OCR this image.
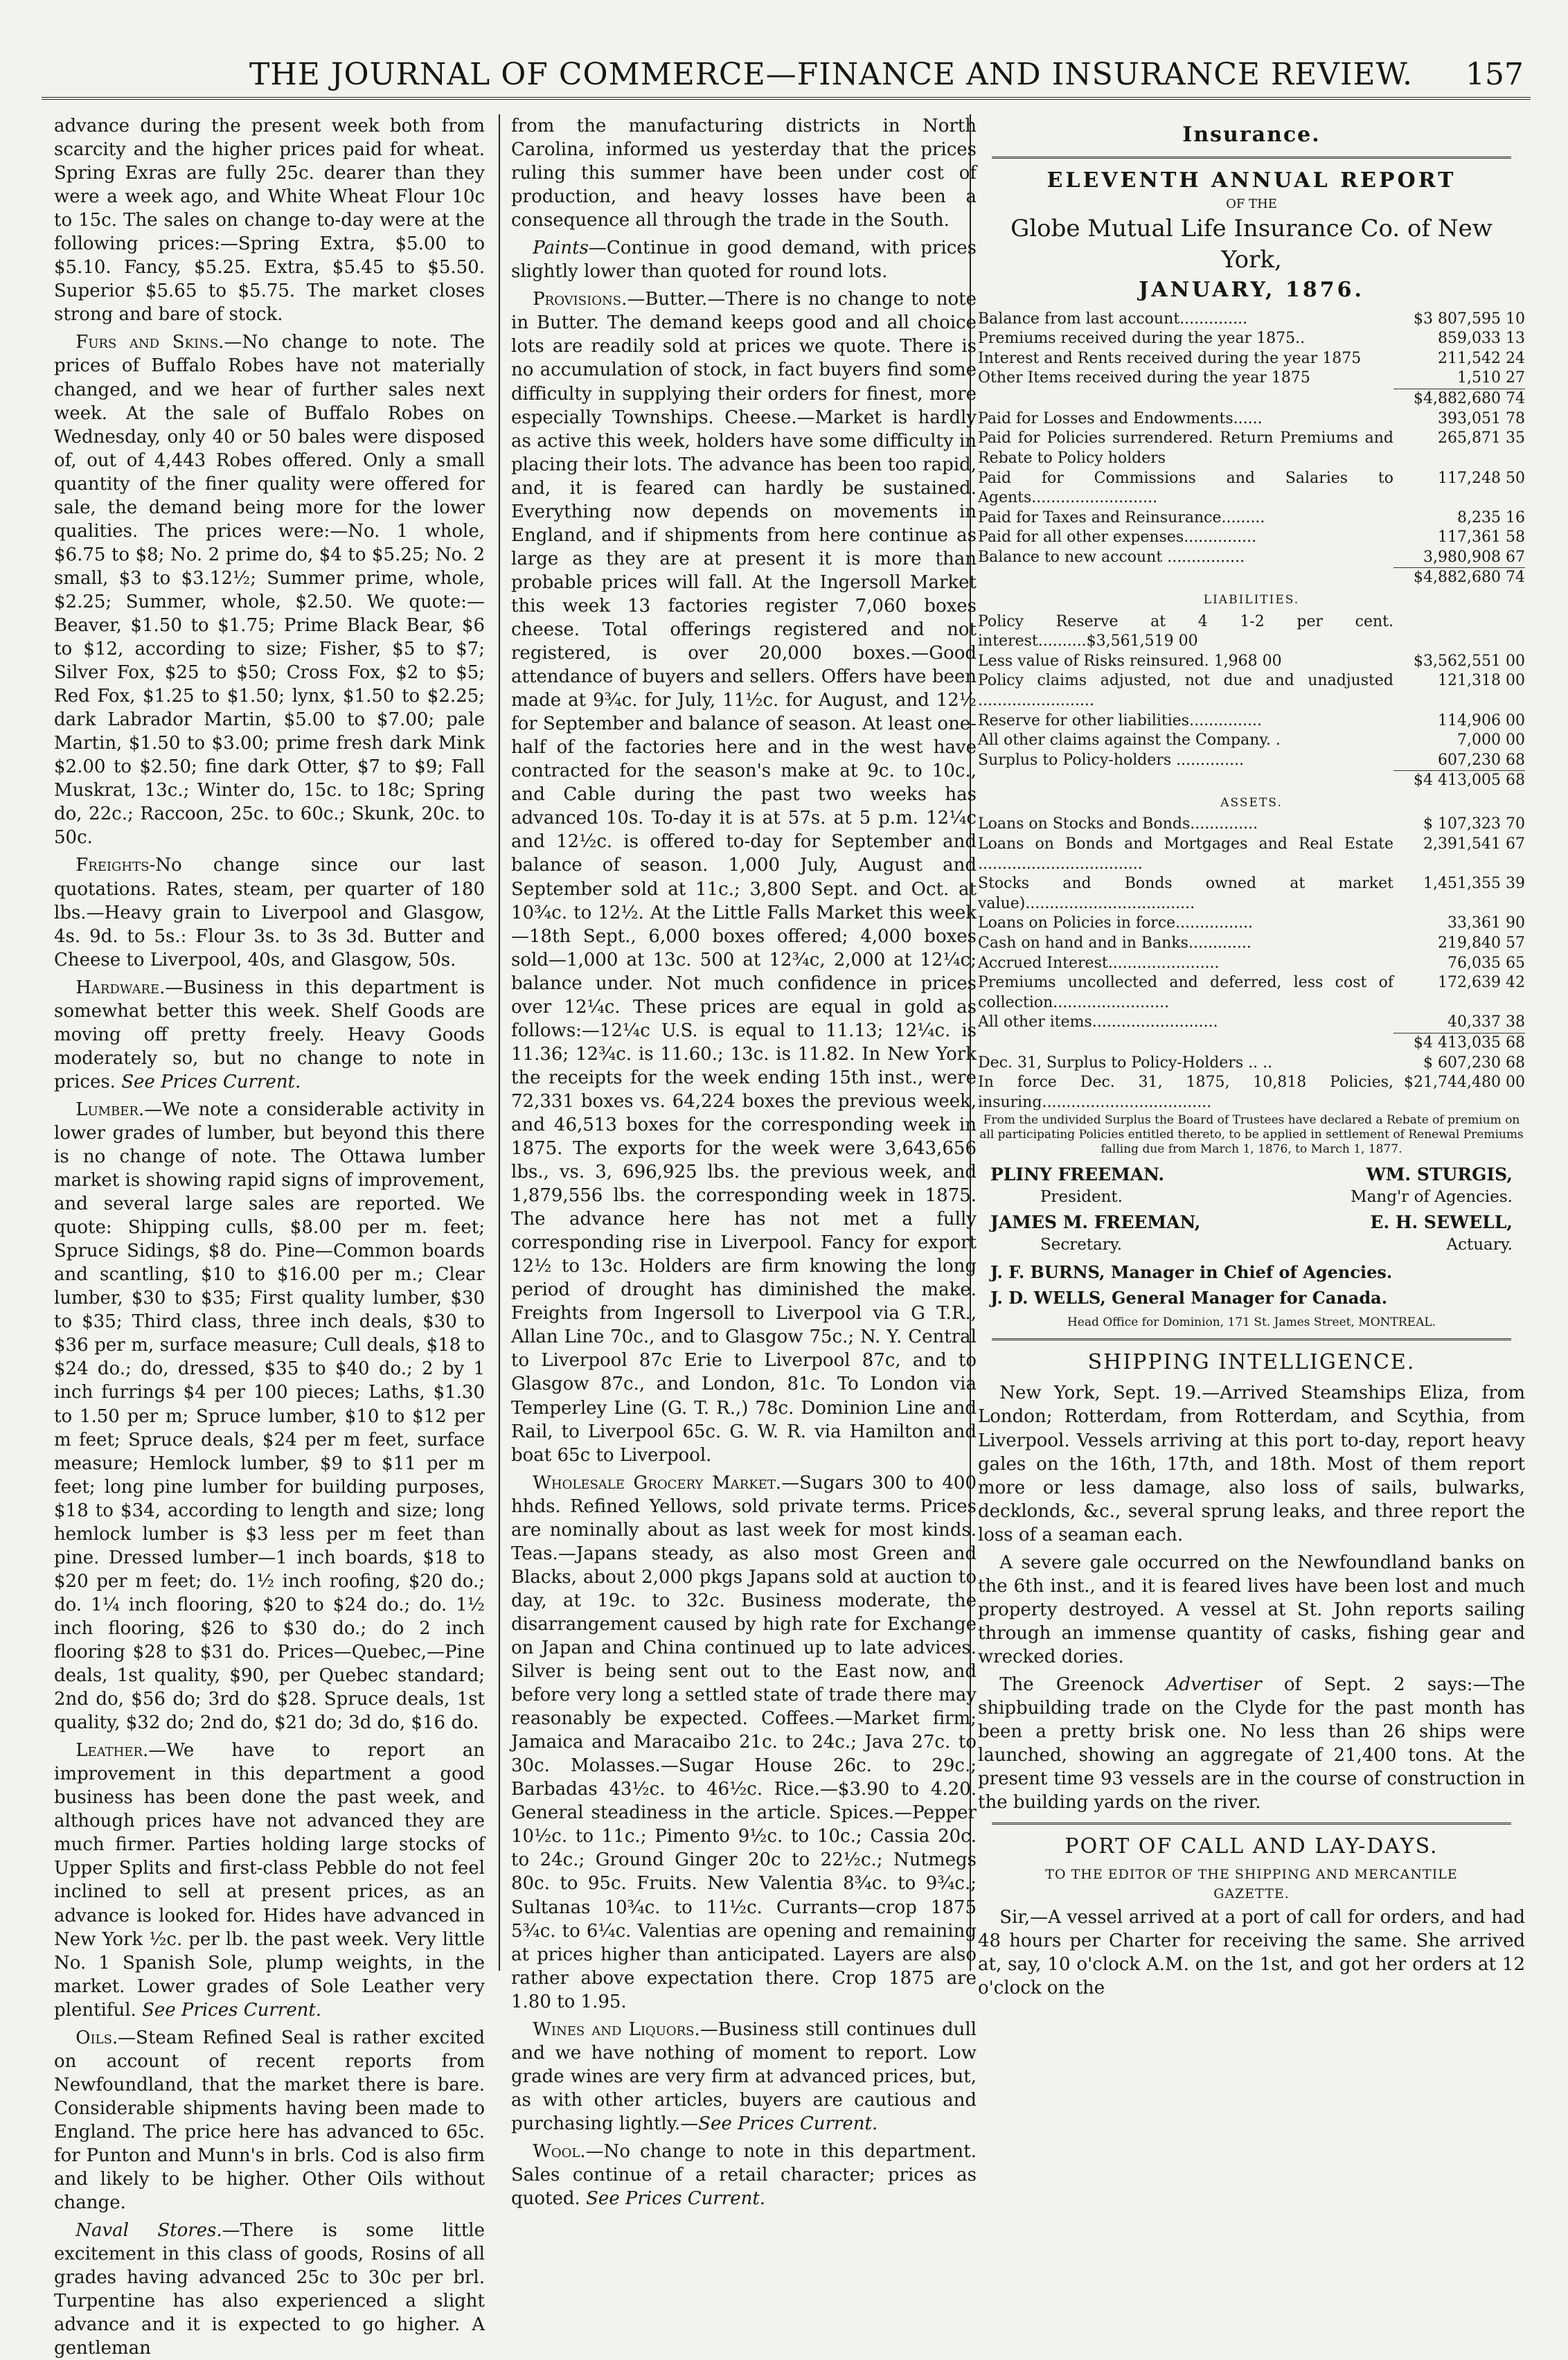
THE JOURNAL OF COMMERCE—FINANCE AND INSURANCE REVIEW. 157

advance during the present week both from scarcity and the higher prices paid for wheat. Spring Exras are fully 25c. dearer than they were a week ago, and White Wheat Flour 10c to 15c. The sales on change to-day were at the following prices:—Spring Extra, $5.00 to $5.10. Fancy, $5.25. Extra, $5.45 to $5.50. Superior $5.65 to $5.75. The market closes strong and bare of stock.

Furs and Skins.—No change to note. The prices of Buffalo Robes have not materially changed, and we hear of further sales next week. At the sale of Buffalo Robes on Wednesday, only 40 or 50 bales were disposed of, out of 4,443 Robes offered. Only a small quantity of the finer quality were offered for sale, the demand being more for the lower qualities. The prices were:—No. 1 whole, $6.75 to $8; No. 2 prime do, $4 to $5.25; No. 2 small, $3 to $3.12½; Summer prime, whole, $2.25; Summer, whole, $2.50. We quote:—Beaver, $1.50 to $1.75; Prime Black Bear, $6 to $12, according to size; Fisher, $5 to $7; Silver Fox, $25 to $50; Cross Fox, $2 to $5; Red Fox, $1.25 to $1.50; lynx, $1.50 to $2.25; dark Labrador Martin, $5.00 to $7.00; pale Martin, $1.50 to $3.00; prime fresh dark Mink $2.00 to $2.50; fine dark Otter, $7 to $9; Fall Muskrat, 13c.; Winter do, 15c. to 18c; Spring do, 22c.; Raccoon, 25c. to 60c.; Skunk, 20c. to 50c.

Freights-No change since our last quotations. Rates, steam, per quarter of 180 lbs.—Heavy grain to Liverpool and Glasgow, 4s. 9d. to 5s.: Flour 3s. to 3s 3d. Butter and Cheese to Liverpool, 40s, and Glasgow, 50s.

Hardware.—Business in this department is somewhat better this week. Shelf Goods are moving off pretty freely. Heavy Goods moderately so, but no change to note in prices. See Prices Current.

Lumber.—We note a considerable activity in lower grades of lumber, but beyond this there is no change of note. The Ottawa lumber market is showing rapid signs of improvement, and several large sales are reported. We quote: Shipping culls, $8.00 per m. feet; Spruce Sidings, $8 do. Pine—Common boards and scantling, $10 to $16.00 per m.; Clear lumber, $30 to $35; First quality lumber, $30 to $35; Third class, three inch deals, $30 to $36 per m, surface measure; Cull deals, $18 to $24 do.; do, dressed, $35 to $40 do.; 2 by 1 inch furrings $4 per 100 pieces; Laths, $1.30 to 1.50 per m; Spruce lumber, $10 to $12 per m feet; Spruce deals, $24 per m feet, surface measure; Hemlock lumber, $9 to $11 per m feet; long pine lumber for building purposes, $18 to $34, according to length and size; long hemlock lumber is $3 less per m feet than pine. Dressed lumber—1 inch boards, $18 to $20 per m feet; do. 1½ inch roofing, $20 do.; do. 1¼ inch flooring, $20 to $24 do.; do. 1½ inch flooring, $26 to $30 do.; do 2 inch flooring $28 to $31 do. Prices—Quebec,—Pine deals, 1st quality, $90, per Quebec standard; 2nd do, $56 do; 3rd do $28. Spruce deals, 1st quality, $32 do; 2nd do, $21 do; 3d do, $16 do.

Leather.—We have to report an improvement in this department a good business has been done the past week, and although prices have not advanced they are much firmer. Parties holding large stocks of Upper Splits and first-class Pebble do not feel inclined to sell at present prices, as an advance is looked for. Hides have advanced in New York ½c. per lb. the past week. Very little No. 1 Spanish Sole, plump weights, in the market. Lower grades of Sole Leather very plentiful. See Prices Current.

Oils.—Steam Refined Seal is rather excited on account of recent reports from Newfoundland, that the market there is bare. Considerable shipments having been made to England. The price here has advanced to 65c. for Punton and Munn's in brls. Cod is also firm and likely to be higher. Other Oils without change.

Naval Stores.—There is some little excitement in this class of goods, Rosins of all grades having advanced 25c to 30c per brl. Turpentine has also experienced a slight advance and it is expected to go higher. A gentleman

from the manufacturing districts in North Carolina, informed us yesterday that the prices ruling this summer have been under cost of production, and heavy losses have been a consequence all through the trade in the South.

Paints—Continue in good demand, with prices slightly lower than quoted for round lots.

Provisions.—Butter.—There is no change to note in Butter. The demand keeps good and all choice lots are readily sold at prices we quote. There is no accumulation of stock, in fact buyers find some difficulty in supplying their orders for finest, more especially Townships. Cheese.—Market is hardly as active this week, holders have some difficulty in placing their lots. The advance has been too rapid, and, it is feared can hardly be sustained. Everything now depends on movements in England, and if shipments from here continue as large as they are at present it is more than probable prices will fall. At the Ingersoll Market this week 13 factories register 7,060 boxes cheese. Total offerings registered and not registered, is over 20,000 boxes.—Good attendance of buyers and sellers. Offers have been made at 9¾c. for July, 11½c. for August, and 12½ for September and balance of season. At least one-half of the factories here and in the west have contracted for the season's make at 9c. to 10c., and Cable during the past two weeks has advanced 10s. To-day it is at 57s. at 5 p.m. 12¼c and 12½c. is offered to-day for September and balance of season. 1,000 July, August and September sold at 11c.; 3,800 Sept. and Oct. at 10¾c. to 12½. At the Little Falls Market this week—18th Sept., 6,000 boxes offered; 4,000 boxes sold—1,000 at 13c. 500 at 12¾c, 2,000 at 12¼c; balance under. Not much confidence in prices over 12¼c. These prices are equal in gold as follows:—12¼c U.S. is equal to 11.13; 12¼c. is 11.36; 12¾c. is 11.60.; 13c. is 11.82. In New York the receipts for the week ending 15th inst., were 72,331 boxes vs. 64,224 boxes the previous week, and 46,513 boxes for the corresponding week in 1875. The exports for the week were 3,643,656 lbs., vs. 3, 696,925 lbs. the previous week, and 1,879,556 lbs. the corresponding week in 1875. The advance here has not met a fully corresponding rise in Liverpool. Fancy for export 12½ to 13c. Holders are firm knowing the long period of drought has diminished the make. Freights from Ingersoll to Liverpool via G T.R., Allan Line 70c., and to Glasgow 75c.; N. Y. Central to Liverpool 87c Erie to Liverpool 87c, and to Glasgow 87c., and London, 81c. To London via Temperley Line (G. T. R.,) 78c. Dominion Line and Rail, to Liverpool 65c. G. W. R. via Hamilton and boat 65c to Liverpool.

Wholesale Grocery Market.—Sugars 300 to 400 hhds. Refined Yellows, sold private terms. Prices are nominally about as last week for most kinds. Teas.—Japans steady, as also most Green and Blacks, about 2,000 pkgs Japans sold at auction to day, at 19c. to 32c. Business moderate, the disarrangement caused by high rate for Exchange on Japan and China continued up to late advices. Silver is being sent out to the East now, and before very long a settled state of trade there may reasonably be expected. Coffees.—Market firm; Jamaica and Maracaibo 21c. to 24c.; Java 27c. to 30c. Molasses.—Sugar House 26c. to 29c.; Barbadas 43½c. to 46½c. Rice.—$3.90 to 4.20. General steadiness in the article. Spices.—Pepper 10½c. to 11c.; Pimento 9½c. to 10c.; Cassia 20c. to 24c.; Ground Ginger 20c to 22½c.; Nutmegs 80c. to 95c. Fruits. New Valentia 8¾c. to 9¾c.; Sultanas 10¾c. to 11½c. Currants—crop 1875 5¾c. to 6¼c. Valentias are opening and remaining at prices higher than anticipated. Layers are also rather above expectation there. Crop 1875 are 1.80 to 1.95.

Wines and Liquors.—Business still continues dull and we have nothing of moment to report. Low grade wines are very firm at advanced prices, but, as with other articles, buyers are cautious and purchasing lightly.—See Prices Current.

Wool.—No change to note in this department. Sales continue of a retail character; prices as quoted. See Prices Current.

Insurance.
ELEVENTH ANNUAL REPORT
OF THE
Globe Mutual Life Insurance Co. of New York,
JANUARY, 1876.
Balance from last account..............	$3 807,595 10
Premiums received during the year 1875..	859,033 13
Interest and Rents received during the year 1875	211,542 24
Other Items received during the year 1875	1,510 27
$4,882,680 74
Paid for Losses and Endowments......	393,051 78
Paid for Policies surrendered. Return Premiums and Rebate to Policy holders
265,871 35
Paid for Commissions and Salaries to Agents..........................
117,248 50
Paid for Taxes and Reinsurance.........	8,235 16
Paid for all other expenses...............	117,361 58
Balance to new account ................	3,980,908 67
$4,882,680 74
LIABILITIES.
Policy Reserve at 4 1-2 per cent. interest..........$3,561,519 00
Less value of Risks reinsured. 1,968 00	$3,562,551 00
Policy claims adjusted, not due and unadjusted ........................
121,318 00
Reserve for other liabilities...............	114,906 00
All other claims against the Company. .	7,000 00
Surplus to Policy-holders ..............	607,230 68
$4 413,005 68
ASSETS.
Loans on Stocks and Bonds..............	$ 107,323 70
Loans on Bonds and Mortgages and Real Estate ..................................
2,391,541 67
Stocks and Bonds owned at market value)...................................
1,451,355 39
Loans on Policies in force................	33,361 90
Cash on hand and in Banks.............	219,840 57
Accrued Interest.......................	76,035 65
Premiums uncollected and deferred, less cost of collection........................
172,639 42
All other items..........................	40,337 38
$4 413,035 68
Dec. 31, Surplus to Policy-Holders .. ..	$ 607,230 68
In force Dec. 31, 1875, 10,818 Policies, insuring...................................
$21,744,480 00
From the undivided Surplus the Board of Trustees have declared a Rebate of premium on all participating Policies entitled thereto, to be applied in settlement of Renewal Premiums falling due from March 1, 1876, to March 1, 1877.
PLINY FREEMAN.	WM. STURGIS,
President.	Mang'r of Agencies.
JAMES M. FREEMAN,	E. H. SEWELL,
Secretary.	Actuary.
J. F. BURNS, Manager in Chief of Agencies.
J. D. WELLS, General Manager for Canada.
Head Office for Dominion, 171 St. James Street, MONTREAL.
SHIPPING INTELLIGENCE.

New York, Sept. 19.—Arrived Steamships Eliza, from London; Rotterdam, from Rotterdam, and Scythia, from Liverpool. Vessels arriving at this port to-day, report heavy gales on the 16th, 17th, and 18th. Most of them report more or less damage, also loss of sails, bulwarks, decklonds, &c., several sprung leaks, and three report the loss of a seaman each.

A severe gale occurred on the Newfoundland banks on the 6th inst., and it is feared lives have been lost and much property destroyed. A vessel at St. John reports sailing through an immense quantity of casks, fishing gear and wrecked dories.

The Greenock Advertiser of Sept. 2 says:—The shipbuilding trade on the Clyde for the past month has been a pretty brisk one. No less than 26 ships were launched, showing an aggregate of 21,400 tons. At the present time 93 vessels are in the course of construction in the building yards on the river.

PORT OF CALL AND LAY-DAYS.
TO THE EDITOR OF THE SHIPPING AND MERCANTILE
GAZETTE.

Sir,—A vessel arrived at a port of call for orders, and had 48 hours per Charter for receiving the same. She arrived at, say, 10 o'clock A.M. on the 1st, and got her orders at 12 o'clock on the
